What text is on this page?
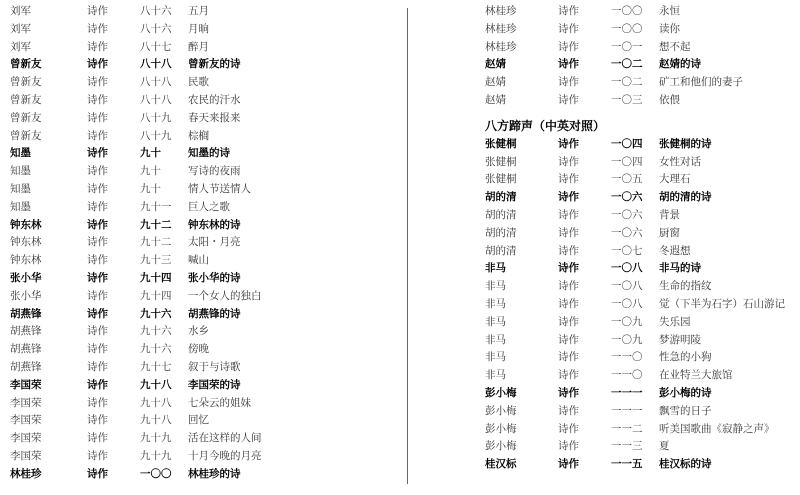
刘军	诗作	八十六 五月
刘军	诗作	八十六 月晌
刘军	诗作	八十七 醉月
曾新友	诗作	八十八 曾新友的诗
曾新友	诗作	八十八 民歌
曾新友	诗作	八十八 农民的汗水
曾新友	诗作	八十九 春天来报来
曾新友	诗作	八十九 棕榈
知墨	诗作	九十	知墨的诗
知墨	诗作	九十	写诗的夜雨
知墨	诗作	九十	情人节送情人
知墨	诗作	九十一 巨人之歌
钟东林	诗作	九十二 钟东林的诗
钟东林	诗作	九十二 太阳・月亮
钟东林	诗作	九十三 喊山
张小华	诗作	九十四 张小华的诗
张小华	诗作	九十四 一个女人的独白
胡燕锋	诗作	九十六 胡燕锋的诗
胡燕锋	诗作	九十六 水乡
胡燕锋	诗作	九十六 傍晚
胡燕锋	诗作	九十七 叙于与诗歌
李国荣	诗作	九十八 李国荣的诗
李国荣	诗作	九十八 七朵云的姐妹
李国荣	诗作	九十八 回忆
李国荣	诗作	九十九 活在这样的人间
李国荣	诗作	九十九 十月今晚的月亮
林桂珍	诗作	一〇〇 林桂珍的诗
林桂珍	诗作	一〇〇 永恒
林桂珍	诗作	一〇〇 读你
林桂珍	诗作	一〇一 想不起
赵婧	诗作	一〇二 赵婧的诗
赵婧	诗作	一〇二 矿工和他们的妻子
赵婧	诗作	一〇三 依偎
八方蹄声（中英对照）
张健桐	诗作	一〇四 张健桐的诗
张健桐	诗作	一〇四 女性对话
张健桐	诗作	一〇五 大理石
胡的清	诗作	一〇六 胡的清的诗
胡的清	诗作	一〇六 背景
胡的清	诗作	一〇六 厨窗
胡的清	诗作	一〇七 冬遐想
非马	诗作	一〇八 非马的诗
非马	诗作	一〇八 生命的指纹
非马	诗作	一〇八 觉（下半为石字）石山游记
非马	诗作	一〇九 失乐园
非马	诗作	一〇九 梦游明陵
非马	诗作	一一〇 性急的小狗
非马	诗作	一一〇 在业特兰大旅馆
彭小梅	诗作	一一一 彭小梅的诗
彭小梅	诗作	一一一 飘雪的日子
彭小梅	诗作	一一二 听美国歌曲《寂静之声》
彭小梅	诗作	一一三 夏
桂汉标	诗作	一一五 桂汉标的诗
